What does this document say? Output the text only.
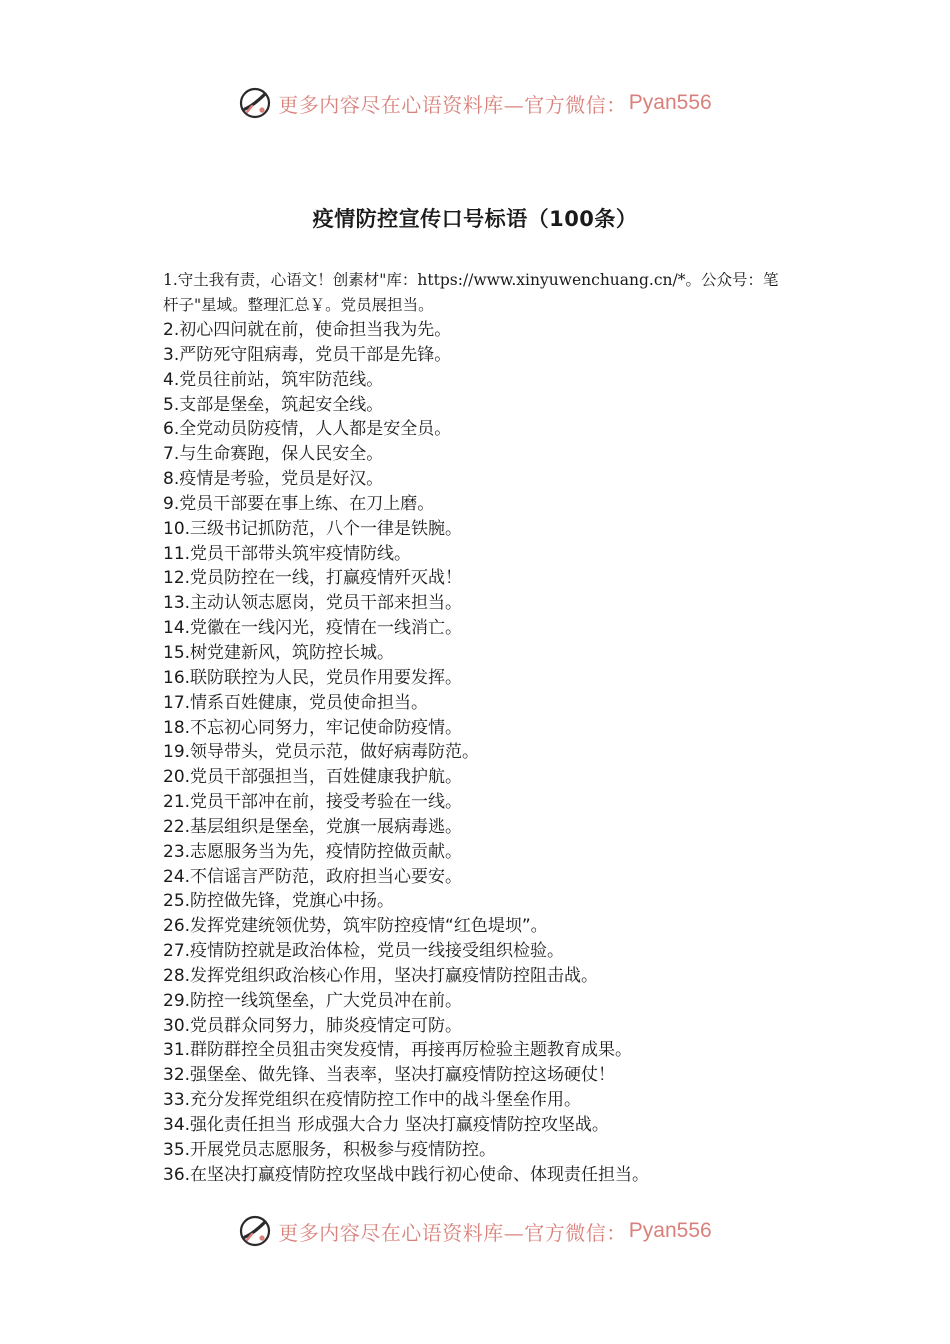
更多内容尽在心语资料库—官方微信： Pyan556
疫情防控宣传口号标语（100条）
1.守土我有责，心语文！创素材"库：https://www.xinyuwenchuang.cn/*。公众号：笔杆子"星域。整理汇总￥。党员展担当。
2.初心四问就在前，使命担当我为先。
3.严防死守阻病毒，党员干部是先锋。
4.党员往前站，筑牢防范线。
5.支部是堡垒，筑起安全线。
6.全党动员防疫情，人人都是安全员。
7.与生命赛跑，保人民安全。
8.疫情是考验，党员是好汉。
9.党员干部要在事上练、在刀上磨。
10.三级书记抓防范，八个一律是铁腕。
11.党员干部带头筑牢疫情防线。
12.党员防控在一线，打赢疫情歼灭战！
13.主动认领志愿岗，党员干部来担当。
14.党徽在一线闪光，疫情在一线消亡。
15.树党建新风，筑防控长城。
16.联防联控为人民，党员作用要发挥。
17.情系百姓健康，党员使命担当。
18.不忘初心同努力，牢记使命防疫情。
19.领导带头，党员示范，做好病毒防范。
20.党员干部强担当，百姓健康我护航。
21.党员干部冲在前，接受考验在一线。
22.基层组织是堡垒，党旗一展病毒逃。
23.志愿服务当为先，疫情防控做贡献。
24.不信谣言严防范，政府担当心要安。
25.防控做先锋，党旗心中扬。
26.发挥党建统领优势，筑牢防控疫情“红色堤坝”。
27.疫情防控就是政治体检，党员一线接受组织检验。
28.发挥党组织政治核心作用，坚决打赢疫情防控阻击战。
29.防控一线筑堡垒，广大党员冲在前。
30.党员群众同努力，肺炎疫情定可防。
31.群防群控全员狙击突发疫情，再接再厉检验主题教育成果。
32.强堡垒、做先锋、当表率，坚决打赢疫情防控这场硬仗！
33.充分发挥党组织在疫情防控工作中的战斗堡垒作用。
34.强化责任担当 形成强大合力 坚决打赢疫情防控攻坚战。
35.开展党员志愿服务，积极参与疫情防控。
36.在坚决打赢疫情防控攻坚战中践行初心使命、体现责任担当。
更多内容尽在心语资料库—官方微信： Pyan556
